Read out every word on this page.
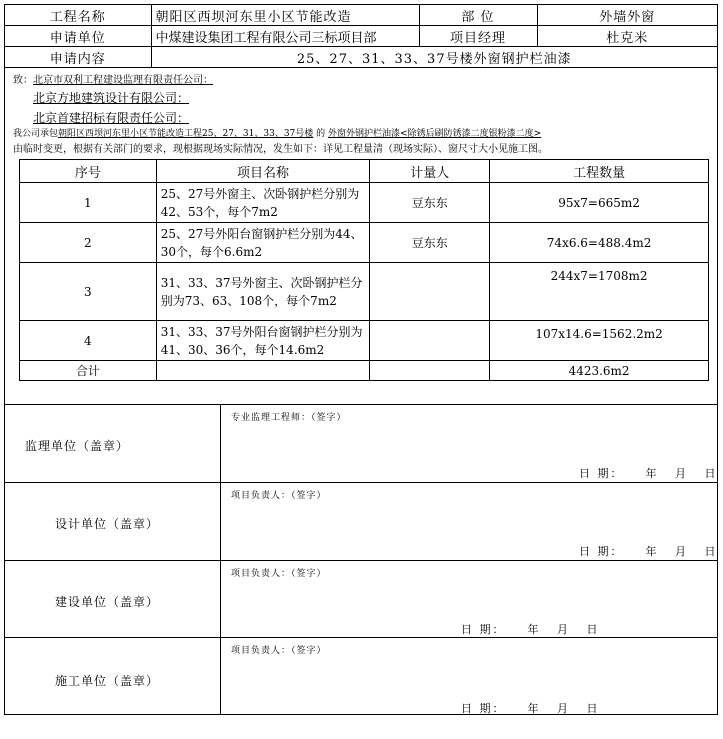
工程名称	朝阳区西坝河东里小区节能改造	部 位	外墙外窗
申请单位	中煤建设集团工程有限公司三标项目部	项目经理	杜克米
申请内容	25、27、31、33、37号楼外窗钢护栏油漆		
致：北京市双利工程建设监理有限责任公司：
北京方地建筑设计有限公司：
北京首建招标有限责任公司：
我公司承包朝阳区西坝河东里小区节能改造工程25、27、31、33、37号楼 的 外窗外钢护栏油漆<除锈后刷防锈漆二度银粉漆二度>
由临时变更，根据有关部门的要求，现根据现场实际情况，发生如下：详见工程量清（现场实际）、窗尺寸大小见施工图。
序号	项目名称	计量人	工程数量
1	25、27号外窗主、次卧钢护栏分别为42、53个，每个7m2	豆东东	95x7=665m2
2	25、27号外阳台窗钢护栏分别为44、30个，每个6.6m2	豆东东	74x6.6=488.4m2
3	31、33、37号外窗主、次卧钢护栏分别为73、63、108个，每个7m2		244x7=1708m2
4	31、33、37号外阳台窗钢护栏分别为41、30、36个，每个14.6m2		107x14.6=1562.2m2
合计			4423.6m2
监理单位（盖章）
专业监理工程师：（签字）
日 期：    年   月   日
设计单位（盖章）
项目负责人：（签字）
日 期：    年   月   日
建设单位（盖章）
项目负责人：（签字）
日 期：    年   月   日
施工单位（盖章）
项目负责人：（签字）
日 期：    年   月   日
